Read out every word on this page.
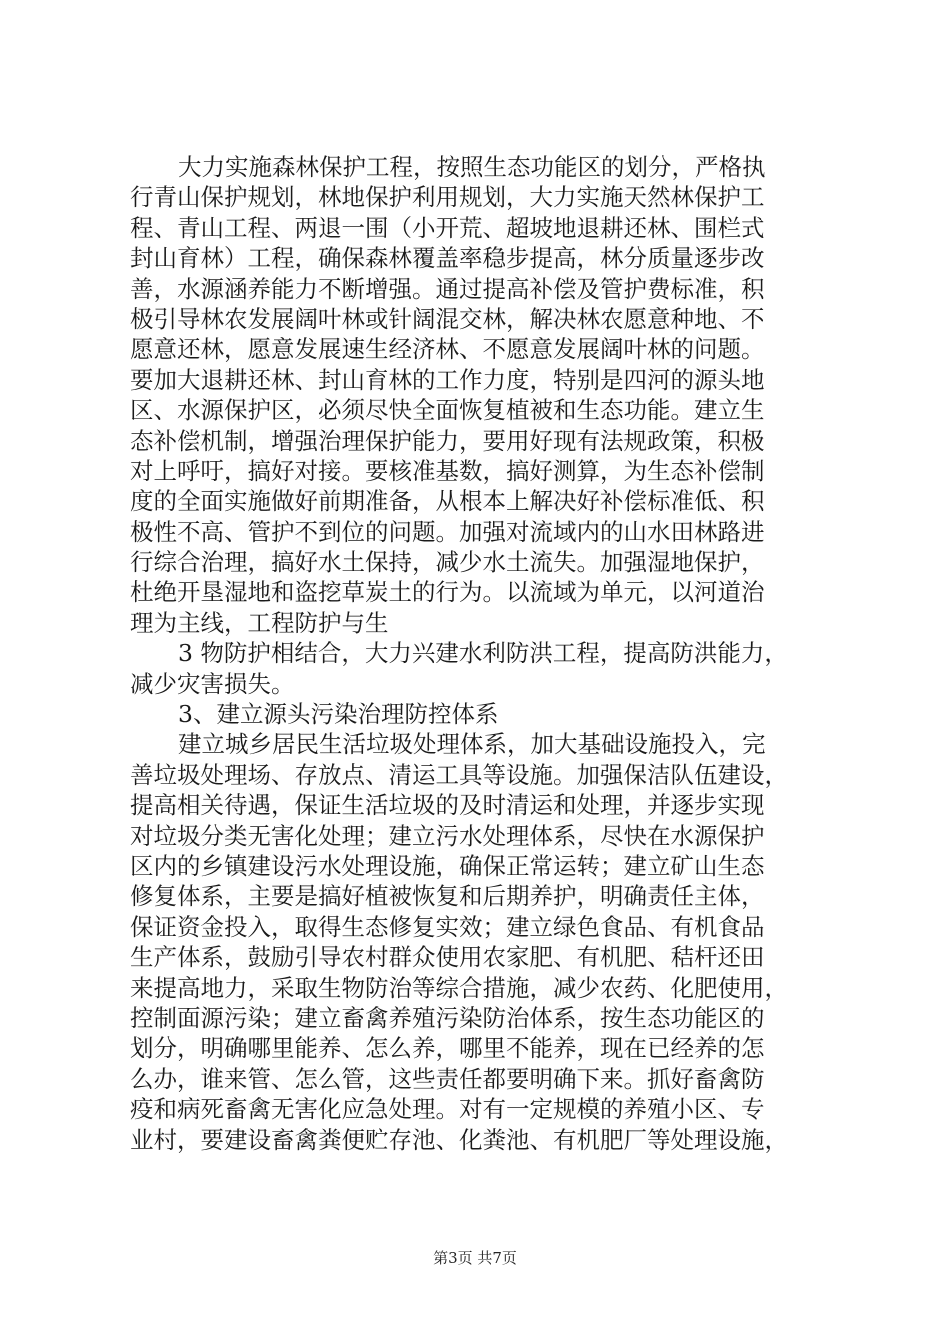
大力实施森林保护工程，按照生态功能区的划分，严格执
行青山保护规划，林地保护利用规划，大力实施天然林保护工
程、青山工程、两退一围（小开荒、超坡地退耕还林、围栏式
封山育林）工程，确保森林覆盖率稳步提高，林分质量逐步改
善，水源涵养能力不断增强。通过提高补偿及管护费标准，积
极引导林农发展阔叶林或针阔混交林，解决林农愿意种地、不
愿意还林，愿意发展速生经济林、不愿意发展阔叶林的问题。
要加大退耕还林、封山育林的工作力度，特别是四河的源头地
区、水源保护区，必须尽快全面恢复植被和生态功能。建立生
态补偿机制，增强治理保护能力，要用好现有法规政策，积极
对上呼吁，搞好对接。要核准基数，搞好测算，为生态补偿制
度的全面实施做好前期准备，从根本上解决好补偿标准低、积
极性不高、管护不到位的问题。加强对流域内的山水田林路进
行综合治理，搞好水土保持，减少水土流失。加强湿地保护，
杜绝开垦湿地和盗挖草炭土的行为。以流域为单元，以河道治
理为主线，工程防护与生
3 物防护相结合，大力兴建水利防洪工程，提高防洪能力，
减少灾害损失。
3、建立源头污染治理防控体系
建立城乡居民生活垃圾处理体系，加大基础设施投入，完
善垃圾处理场、存放点、清运工具等设施。加强保洁队伍建设，
提高相关待遇，保证生活垃圾的及时清运和处理，并逐步实现
对垃圾分类无害化处理；建立污水处理体系，尽快在水源保护
区内的乡镇建设污水处理设施，确保正常运转；建立矿山生态
修复体系，主要是搞好植被恢复和后期养护，明确责任主体，
保证资金投入，取得生态修复实效；建立绿色食品、有机食品
生产体系，鼓励引导农村群众使用农家肥、有机肥、秸杆还田
来提高地力，采取生物防治等综合措施，减少农药、化肥使用，
控制面源污染；建立畜禽养殖污染防治体系，按生态功能区的
划分，明确哪里能养、怎么养，哪里不能养，现在已经养的怎
么办，谁来管、怎么管，这些责任都要明确下来。抓好畜禽防
疫和病死畜禽无害化应急处理。对有一定规模的养殖小区、专
业村，要建设畜禽粪便贮存池、化粪池、有机肥厂等处理设施，
第3页 共7页
